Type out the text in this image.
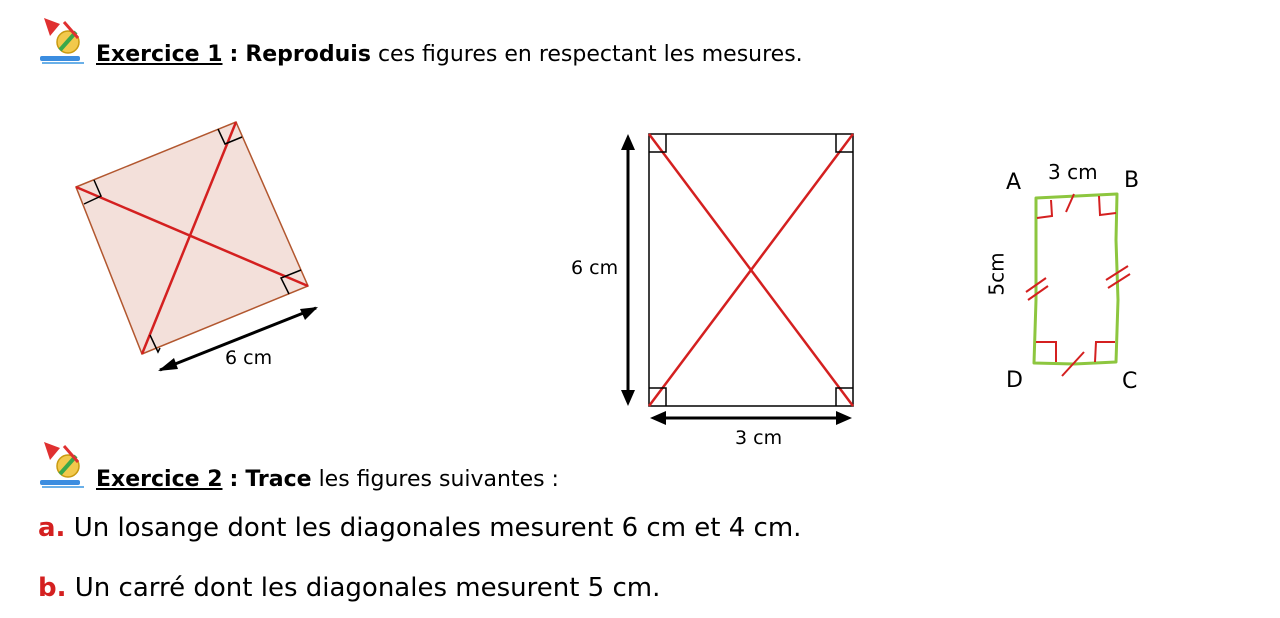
Exercice 1 : Reproduis ces figures en respectant les mesures.
6 cm
6 cm
3 cm
A	B
C
D
3 cm
5cm
Exercice 2 : Trace les figures suivantes :
a. Un losange dont les diagonales mesurent 6 cm et 4 cm.
b. Un carré dont les diagonales mesurent 5 cm.
